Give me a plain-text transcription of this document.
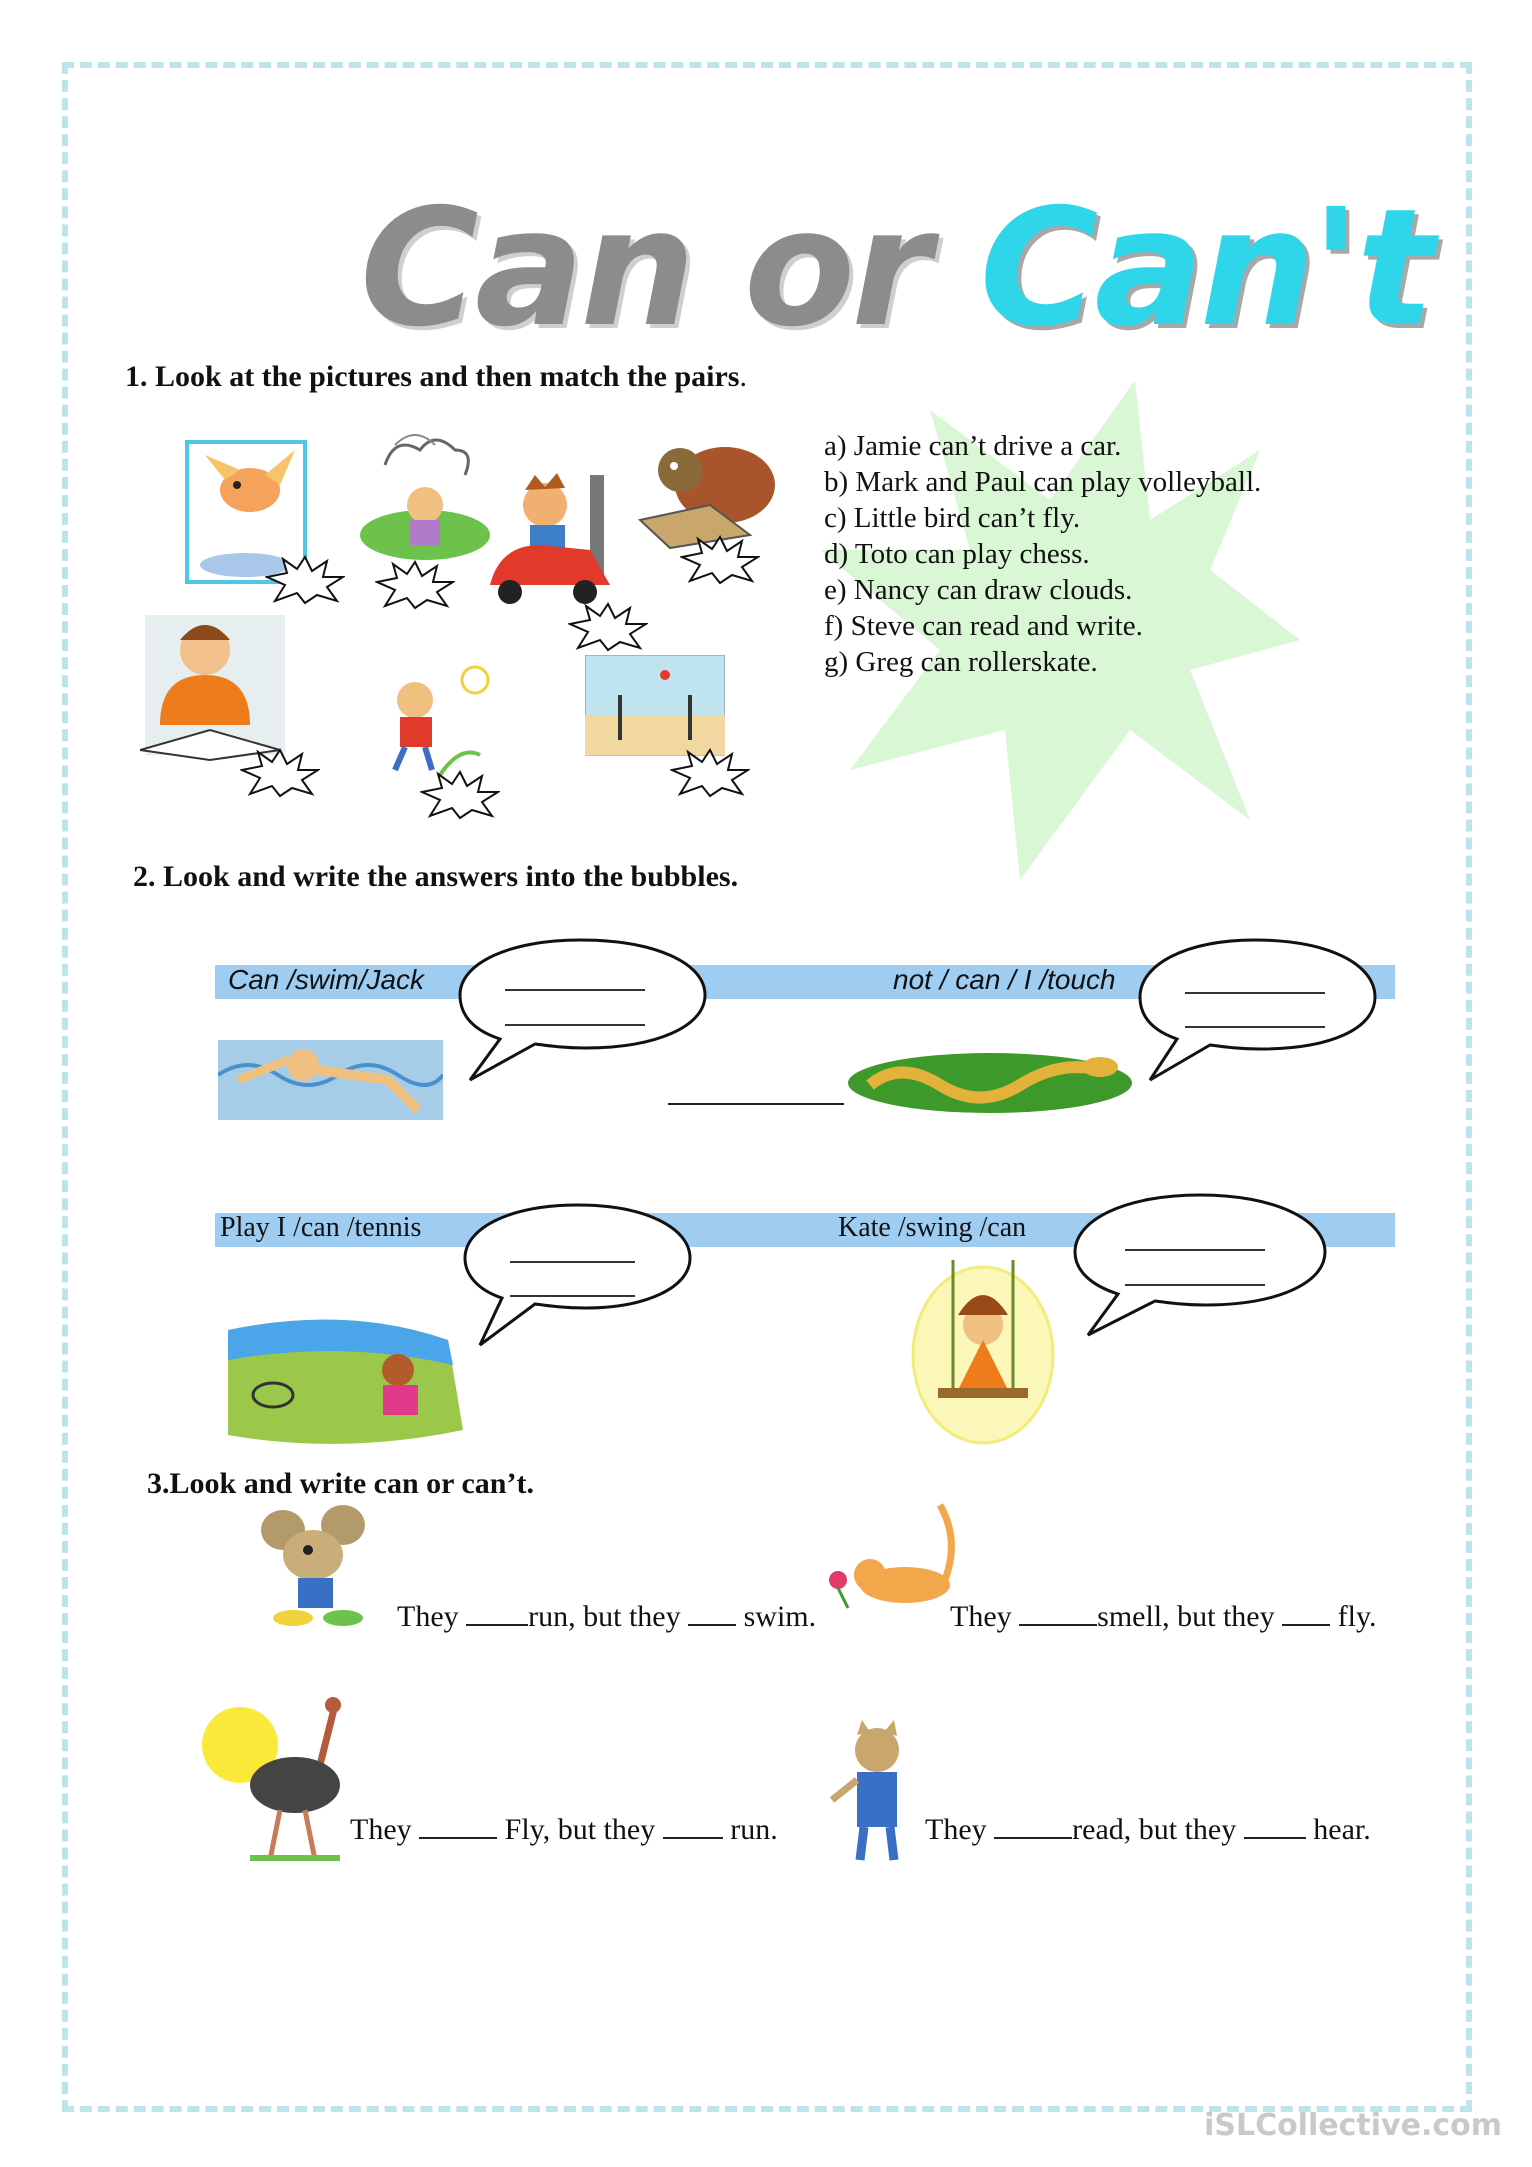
Can or Can't
1. Look at the pictures and then match the pairs.
a) Jamie can’t drive a car.
b) Mark and Paul can play volleyball.
c) Little bird can’t fly.
d) Toto can play chess.
e) Nancy can draw clouds.
f) Steve can read and write.
g) Greg can rollerskate.
2. Look and write the answers into the bubbles.
Can /swim/Jack	not / can / I /touch
Play I /can /tennis	Kate /swing /can
3.Look and write can or can’t.
They run, but they  swim.	They	smell, but they  fly.
They	Fly, but they  run.	They	read, but they  hear.
iSLCollective.com
